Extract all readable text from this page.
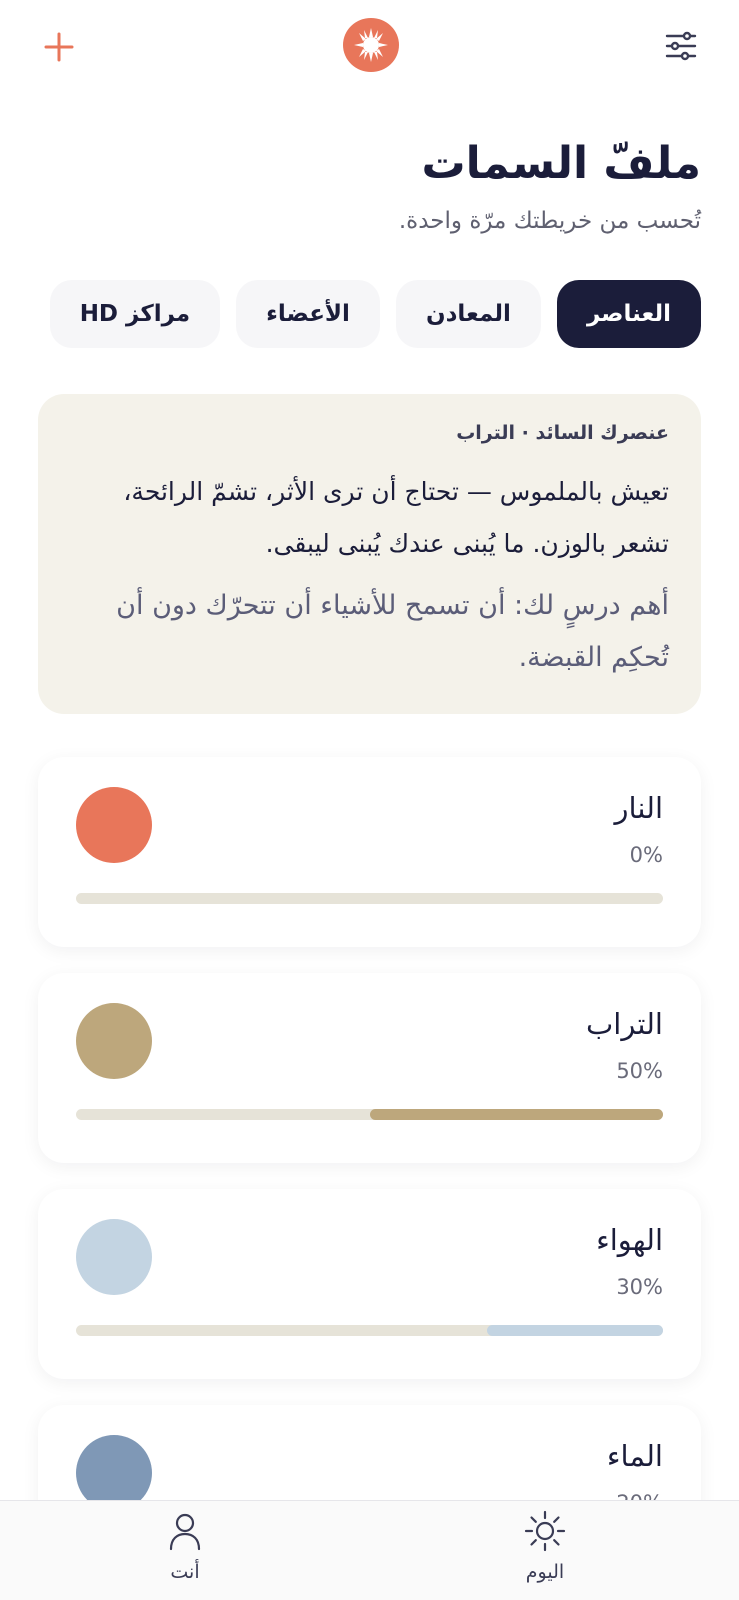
ملفّ السمات

تُحسب من خريطتك مرّة واحدة.

العناصر
المعادن
الأعضاء
مراكز HD
عنصرك السائد · التراب
تعيش بالملموس — تحتاج أن ترى الأثر، تشمّ الرائحة، تشعر بالوزن. ما يُبنى عندك يُبنى ليبقى.
أهم درسٍ لك: أن تسمح للأشياء أن تتحرّك دون أن تُحكِم القبضة.
النار
0%
التراب
50%
الهواء
30%
الماء
أنت	اليوم
